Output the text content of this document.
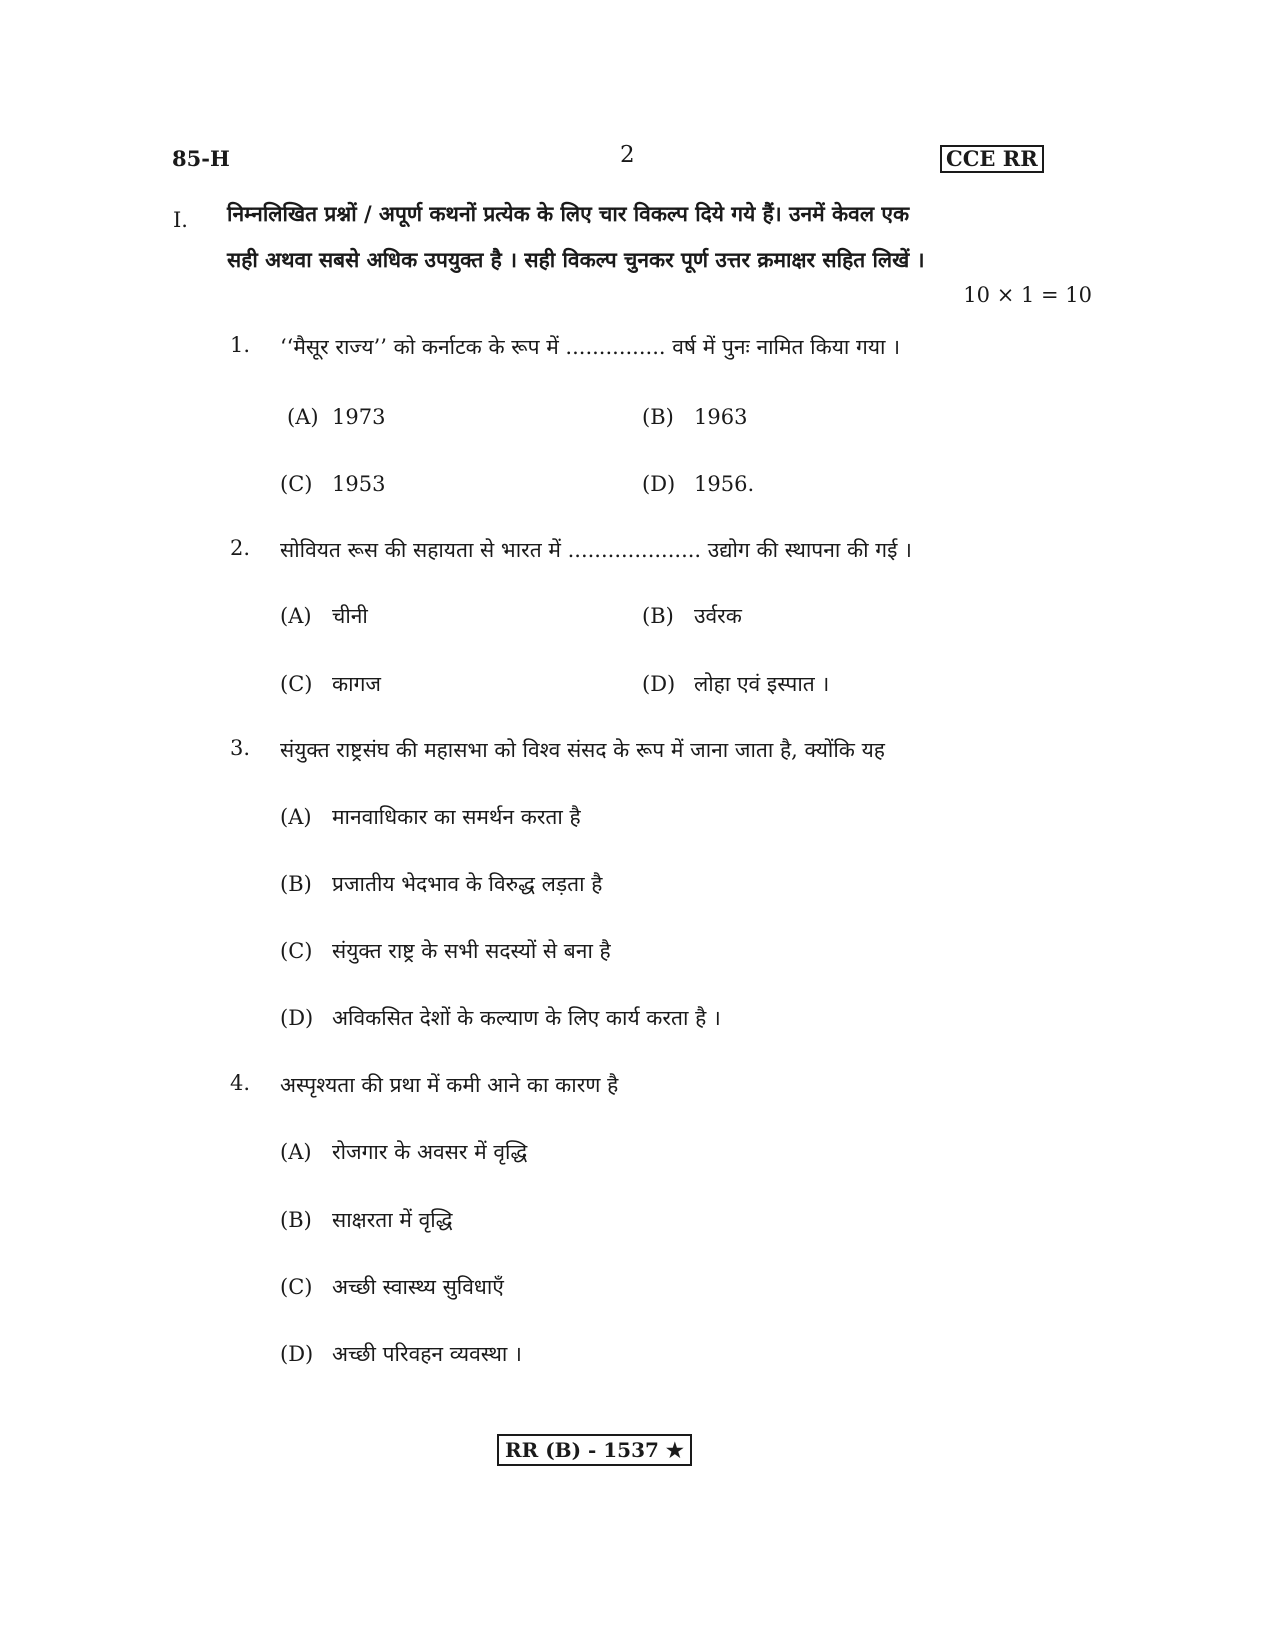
85-H	2	CCE RR
I. निम्नलिखित प्रश्नों / अपूर्ण कथनों प्रत्येक के लिए चार विकल्प दिये गये हैं। उनमें केवल एक
सही अथवा सबसे अधिक उपयुक्त है । सही विकल्प चुनकर पूर्ण उत्तर क्रमाक्षर सहित लिखें ।
10 × 1 = 10
1. ‘‘मैसूर राज्य’’ को कर्नाटक के रूप में ............... वर्ष में पुनः नामित किया गया ।
(A) 1973	(B) 1963
(C) 1953	(D) 1956.
2. सोवियत रूस की सहायता से भारत में .................... उद्योग की स्थापना की गई ।
(A) चीनी	(B) उर्वरक
(C) कागज	(D) लोहा एवं इस्पात ।
3. संयुक्त राष्ट्रसंघ की महासभा को विश्व संसद के रूप में जाना जाता है, क्योंकि यह
(A) मानवाधिकार का समर्थन करता है
(B) प्रजातीय भेदभाव के विरुद्ध लड़ता है
(C) संयुक्त राष्ट्र के सभी सदस्यों से बना है
(D) अविकसित देशों के कल्याण के लिए कार्य करता है ।
4. अस्पृश्यता की प्रथा में कमी आने का कारण है
(A) रोजगार के अवसर में वृद्धि
(B) साक्षरता में वृद्धि
(C) अच्छी स्वास्थ्य सुविधाएँ
(D) अच्छी परिवहन व्यवस्था ।
RR (B) - 1537 ★
